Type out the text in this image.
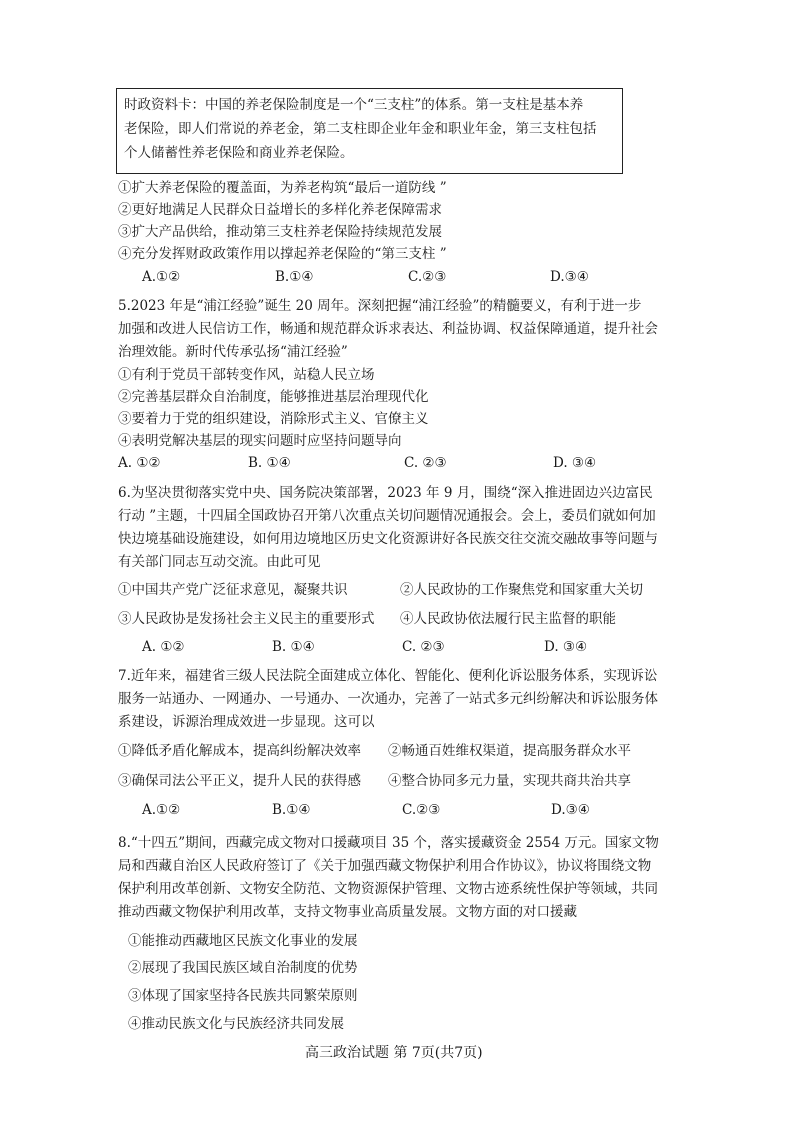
时政资料卡：中国的养老保险制度是一个“三支柱”的体系。第一支柱是基本养
老保险，即人们常说的养老金，第二支柱即企业年金和职业年金，第三支柱包括
个人储蓄性养老保险和商业养老保险。
①扩大养老保险的覆盖面，为养老构筑“最后一道防线 ”
②更好地满足人民群众日益增长的多样化养老保障需求
③扩大产品供给，推动第三支柱养老保险持续规范发展
④充分发挥财政政策作用以撑起养老保险的“第三支柱 ”
A.①②	B.①④	C.②③	D.③④
5.2023 年是“浦江经验”诞生 20 周年。深刻把握“浦江经验”的精髓要义，有利于进一步
加强和改进人民信访工作，畅通和规范群众诉求表达、利益协调、权益保障通道，提升社会
治理效能。新时代传承弘扬“浦江经验”
①有利于党员干部转变作风，站稳人民立场
②完善基层群众自治制度，能够推进基层治理现代化
③要着力于党的组织建设，消除形式主义、官僚主义
④表明党解决基层的现实问题时应坚持问题导向
A. ①②	B. ①④	C. ②③	D. ③④
6.为坚决贯彻落实党中央、国务院决策部署，2023 年 9 月，围绕“深入推进固边兴边富民
行动 ”主题，十四届全国政协召开第八次重点关切问题情况通报会。会上，委员们就如何加
快边境基础设施建设，如何用边境地区历史文化资源讲好各民族交往交流交融故事等问题与
有关部门同志互动交流。由此可见
①中国共产党广泛征求意见，凝聚共识	②人民政协的工作聚焦党和国家重大关切
③人民政协是发扬社会主义民主的重要形式 ④人民政协依法履行民主监督的职能
A. ①②	B. ①④	C. ②③	D. ③④
7.近年来，福建省三级人民法院全面建成立体化、智能化、便利化诉讼服务体系，实现诉讼
服务一站通办、一网通办、一号通办、一次通办，完善了一站式多元纠纷解决和诉讼服务体
系建设，诉源治理成效进一步显现。这可以
①降低矛盾化解成本，提高纠纷解决效率 ②畅通百姓维权渠道，提高服务群众水平
③确保司法公平正义，提升人民的获得感 ④整合协同多元力量，实现共商共治共享
A.①②	B.①④	C.②③	D.③④
8.“十四五”期间，西藏完成文物对口援藏项目 35 个，落实援藏资金 2554 万元。国家文物
局和西藏自治区人民政府签订了《关于加强西藏文物保护利用合作协议》，协议将围绕文物
保护利用改革创新、文物安全防范、文物资源保护管理、文物古迹系统性保护等领域，共同
推动西藏文物保护利用改革，支持文物事业高质量发展。文物方面的对口援藏
①能推动西藏地区民族文化事业的发展
②展现了我国民族区域自治制度的优势
③体现了国家坚持各民族共同繁荣原则
④推动民族文化与民族经济共同发展
高三政治试题 第 7页(共7页)
